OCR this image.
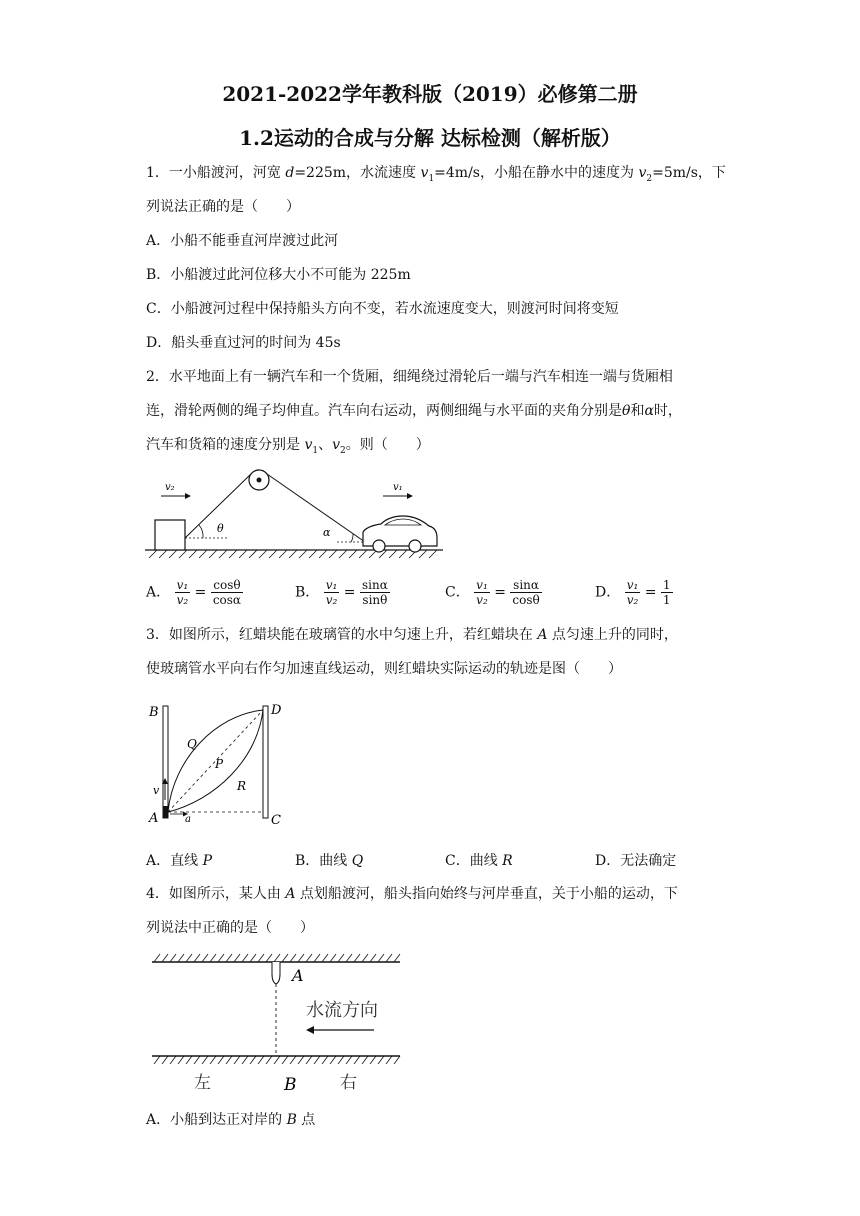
2021-2022学年教科版（2019）必修第二册
1.2运动的合成与分解 达标检测（解析版）
1．一小船渡河，河宽 d=225m，水流速度 $v_1=4m/s$，小船在静水中的速度为 $v_2=5m/s$，下
列说法正确的是（　　）
A．小船不能垂直河岸渡过此河
B．小船渡过此河位移大小不可能为 225m
C．小船渡河过程中保持船头方向不变，若水流速度变大，则渡河时间将变短
D．船头垂直过河的时间为 45s
2．水平地面上有一辆汽车和一个货厢，细绳绕过滑轮后一端与汽车相连一端与货厢相
连，滑轮两侧的绳子均伸直。汽车向右运动，两侧细绳与水平面的夹角分别是θ和α时，
汽车和货箱的速度分别是 $v_1$、$v_2$。则（　　）
θ	α
v₂	v₁
A． $\frac{\text{v₁}}{\text{v₂}} = \frac{\cos\theta}{\cos\alpha}$	B． $\frac{\text{v₁}}{\text{v₂}} = \frac{\sin\alpha}{\sin\theta}$	C． $\frac{\text{v₁}}{\text{v₂}} = \frac{\sin\alpha}{\cos\theta}$	D． $\frac{\text{v₁}}{\text{v₂}} = \frac{1}{1}$
3．如图所示，红蜡块能在玻璃管的水中匀速上升，若红蜡块在 A 点匀速上升的同时，
使玻璃管水平向右作匀加速直线运动，则红蜡块实际运动的轨迹是图（　　）
B	D
Q
P
R
v
A	a	C
A．直线 P	B．曲线 Q	C．曲线 R	D．无法确定
4．如图所示，某人由 A 点划船渡河，船头指向始终与河岸垂直，关于小船的运动，下
列说法中正确的是（　　）
A
水流方向
左	B	右
A．小船到达正对岸的 B 点
